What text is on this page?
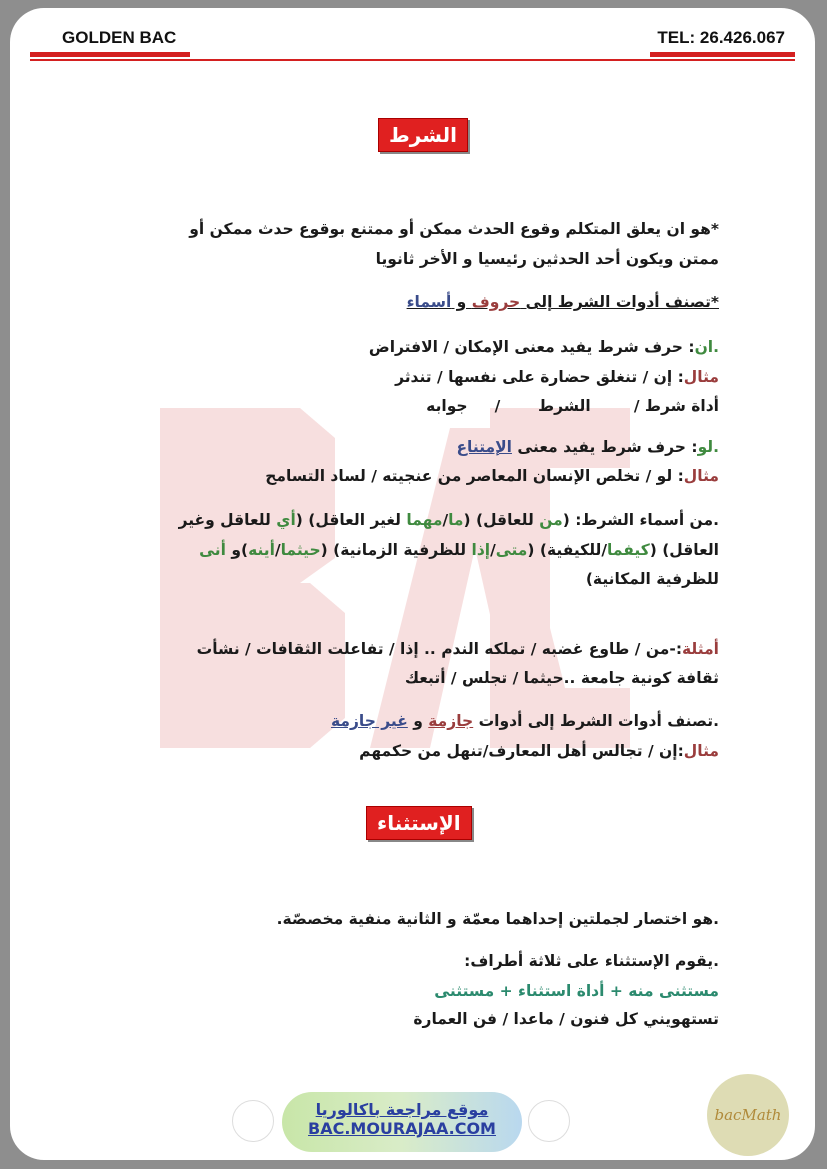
GOLDEN BAC	TEL: 26.426.067
الشرط
*هو ان يعلق المتكلم وقوع الحدث ممكن أو ممتنع بوقوع حدث ممكن أو
ممتن ويكون أحد الحدثين رئيسيا و الأخر ثانويا
*تصنف أدوات الشرط إلى حروف و أسماء
.ان: حرف شرط يفيد معنى الإمكان / الافتراض
مثال: إن / تنغلق حضارة على نفسها / تندثر
أداة شرط /        الشرط       /     جوابه
.لو: حرف شرط يفيد معنى الإمتناع
مثال: لو / تخلص الإنسان المعاصر من عنجيته / لساد التسامح
.من أسماء الشرط: (من للعاقل) (ما/مهما لغير العاقل) (أي للعاقل وغير
العاقل) (كيفما/للكيفية) (متى/إذا للظرفية الزمانية) (حيثما/أينه)و أنى
للظرفية المكانية)
أمثلة:-من / طاوع غضبه / تملكه الندم .. إذا / تفاعلت الثقافات / نشأت
ثقافة كونية جامعة ..حيثما / تجلس / أتبعك
.تصنف أدوات الشرط إلى أدوات جازمة و غير جازمة
مثال:إن / تجالس أهل المعارف/تنهل من حكمهم
الإستثناء
.هو اختصار لجملتين إحداهما معمّة و الثانية منفية مخصصّة.
.يقوم الإستثناء على ثلاثة أطراف:
مستثنى منه + أداة استثناء + مستثنى
تستهويني كل فنون / ماعدا / فن العمارة
موقع مراجعة باكالوريا
BAC.MOURAJAA.COM
bacMath
